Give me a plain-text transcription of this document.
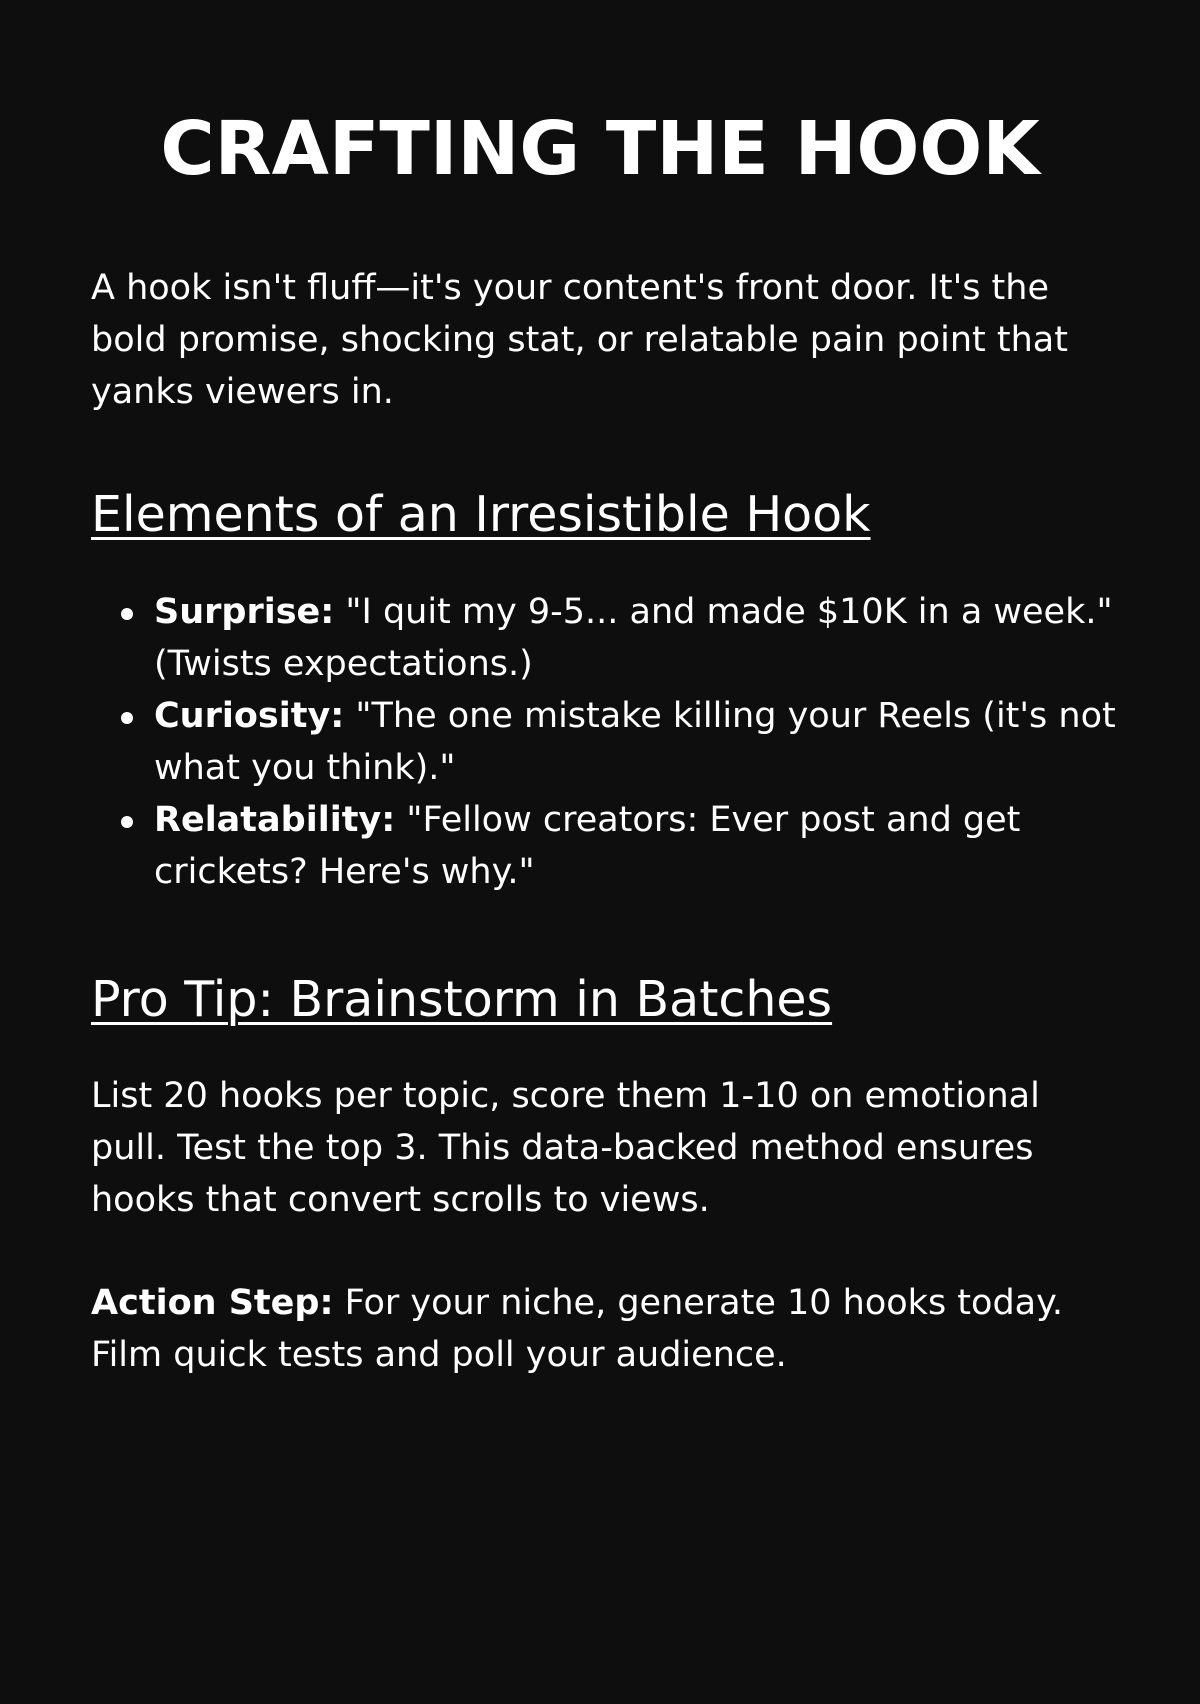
CRAFTING THE HOOK

A hook isn't fluff—it's your content's front door. It's the bold promise, shocking stat, or relatable pain point that yanks viewers in.

Elements of an Irresistible Hook
Surprise: "I quit my 9-5... and made $10K in a week." (Twists expectations.)
Curiosity: "The one mistake killing your Reels (it's not what you think)."
Relatability: "Fellow creators: Ever post and get crickets? Here's why."
Pro Tip: Brainstorm in Batches

List 20 hooks per topic, score them 1-10 on emotional pull. Test the top 3. This data-backed method ensures hooks that convert scrolls to views.

Action Step: For your niche, generate 10 hooks today. Film quick tests and poll your audience.
